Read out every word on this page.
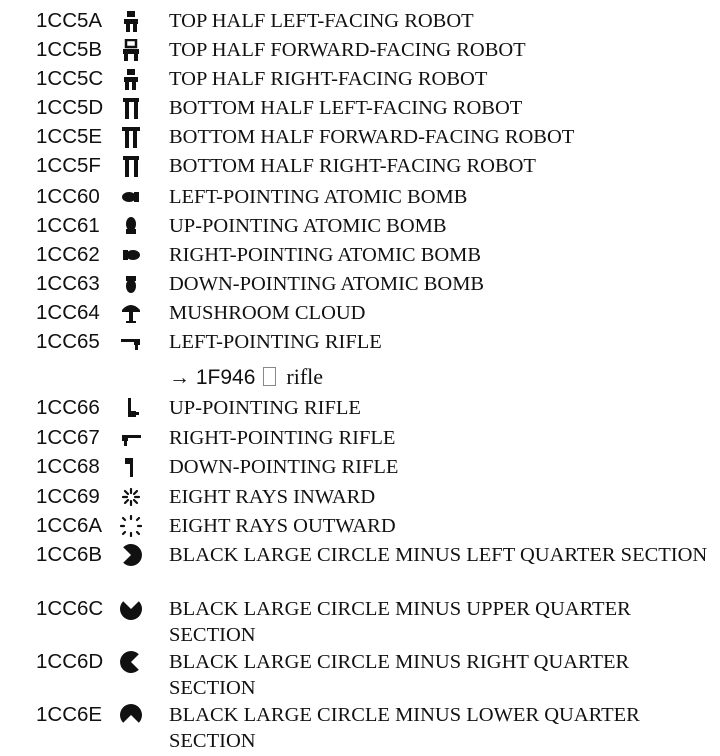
1CC5A	TOP HALF LEFT-FACING ROBOT
1CC5B	TOP HALF FORWARD-FACING ROBOT
1CC5C	TOP HALF RIGHT-FACING ROBOT
1CC5D	BOTTOM HALF LEFT-FACING ROBOT
1CC5E	BOTTOM HALF FORWARD-FACING ROBOT
1CC5F	BOTTOM HALF RIGHT-FACING ROBOT
1CC60	LEFT-POINTING ATOMIC BOMB
1CC61	UP-POINTING ATOMIC BOMB
1CC62	RIGHT-POINTING ATOMIC BOMB
1CC63	DOWN-POINTING ATOMIC BOMB
1CC64	MUSHROOM CLOUD
1CC65	LEFT-POINTING RIFLE
→ 1F946 rifle
1CC66	UP-POINTING RIFLE
1CC67	RIGHT-POINTING RIFLE
1CC68	DOWN-POINTING RIFLE
1CC69	EIGHT RAYS INWARD
1CC6A	EIGHT RAYS OUTWARD
1CC6B	BLACK LARGE CIRCLE MINUS LEFT QUARTER SECTION
1CC6C	BLACK LARGE CIRCLE MINUS UPPER QUARTER SECTION
1CC6D	BLACK LARGE CIRCLE MINUS RIGHT QUARTER SECTION
1CC6E	BLACK LARGE CIRCLE MINUS LOWER QUARTER SECTION
